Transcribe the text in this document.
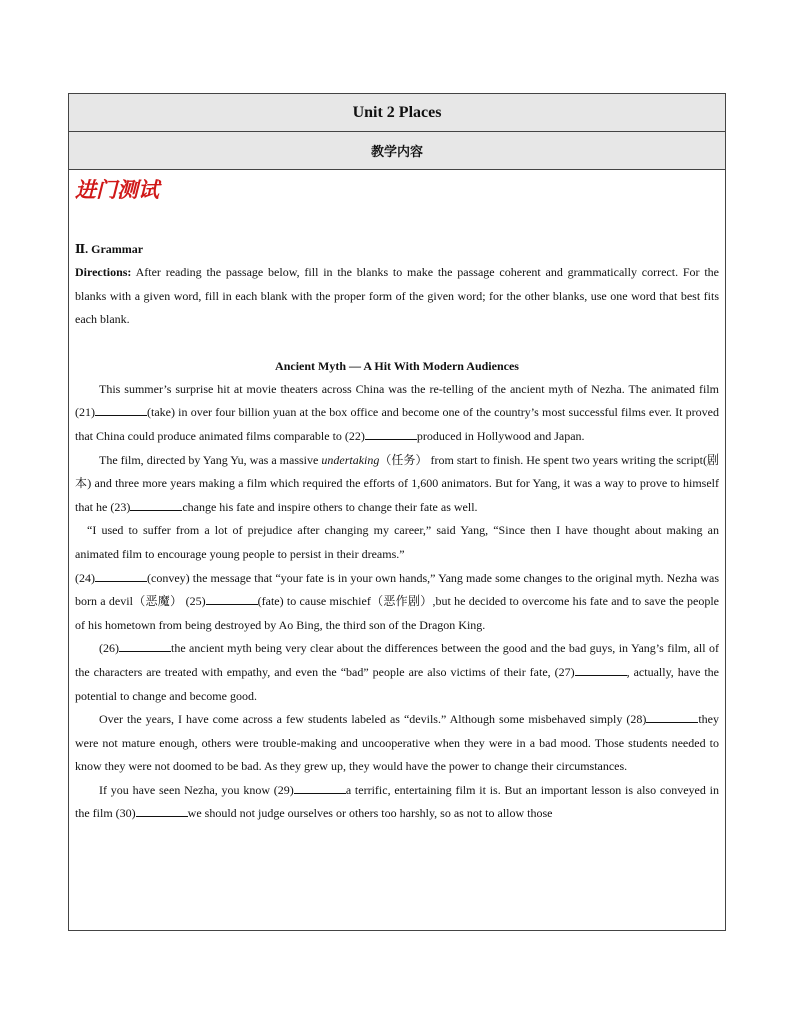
Unit 2 Places
教学内容
进门测试
Ⅱ. Grammar

Directions: After reading the passage below, fill in the blanks to make the passage coherent and grammatically correct. For the blanks with a given word, fill in each blank with the proper form of the given word; for the other blanks, use one word that best fits each blank.

Ancient Myth — A Hit With Modern Audiences

This summer’s surprise hit at movie theaters across China was the re-telling of the ancient myth of Nezha. The animated film (21)	(take) in over four billion yuan at the box office and become one of the country’s most successful films ever. It proved that China could produce animated films comparable to (22)	produced in Hollywood and Japan.

The film, directed by Yang Yu, was a massive undertaking（任务） from start to finish. He spent two years writing the script(剧本) and three more years making a film which required the efforts of 1,600 animators. But for Yang, it was a way to prove to himself that he (23)	change his fate and inspire others to change their fate as well.

“I used to suffer from a lot of prejudice after changing my career,” said Yang, “Since then I have thought about making an animated film to encourage young people to persist in their dreams.”

(24)	(convey) the message that “your fate is in your own hands,” Yang made some changes to the original myth. Nezha was born a devil（恶魔） (25)	(fate) to cause mischief（恶作剧）,but he decided to overcome his fate and to save the people of his hometown from being destroyed by Ao Bing, the third son of the Dragon King.

(26)	the ancient myth being very clear about the differences between the good and the bad guys, in Yang’s film, all of the characters are treated with empathy, and even the “bad” people are also victims of their fate, (27)	, actually, have the potential to change and become good.

Over the years, I have come across a few students labeled as “devils.” Although some misbehaved simply (28)	they were not mature enough, others were trouble-making and uncooperative when they were in a bad mood. Those students needed to know they were not doomed to be bad. As they grew up, they would have the power to change their circumstances.

If you have seen Nezha, you know (29)	a terrific, entertaining film it is. But an important lesson is also conveyed in the film (30)	we should not judge ourselves or others too harshly, so as not to allow those
